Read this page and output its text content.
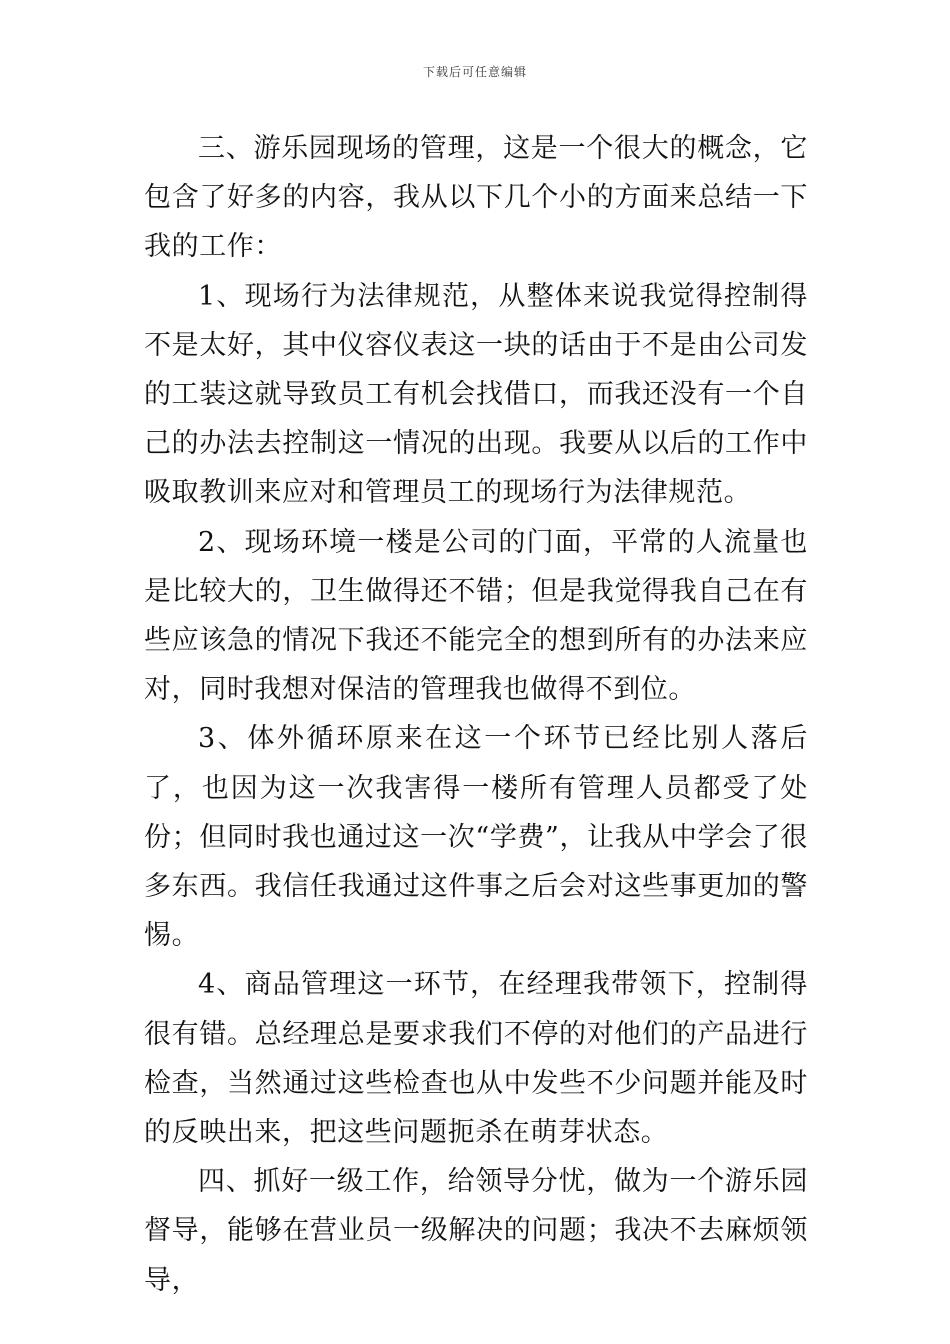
下载后可任意编辑

三、游乐园现场的管理，这是一个很大的概念，它包含了好多的内容，我从以下几个小的方面来总结一下我的工作：

1、现场行为法律规范，从整体来说我觉得控制得不是太好，其中仪容仪表这一块的话由于不是由公司发的工装这就导致员工有机会找借口，而我还没有一个自己的办法去控制这一情况的出现。我要从以后的工作中吸取教训来应对和管理员工的现场行为法律规范。

2、现场环境一楼是公司的门面，平常的人流量也是比较大的，卫生做得还不错；但是我觉得我自己在有些应该急的情况下我还不能完全的想到所有的办法来应对，同时我想对保洁的管理我也做得不到位。

3、体外循环原来在这一个环节已经比别人落后了，也因为这一次我害得一楼所有管理人员都受了处份；但同时我也通过这一次“学费”，让我从中学会了很多东西。我信任我通过这件事之后会对这些事更加的警惕。

4、商品管理这一环节，在经理我带领下，控制得很有错。总经理总是要求我们不停的对他们的产品进行检查，当然通过这些检查也从中发些不少问题并能及时的反映出来，把这些问题扼杀在萌芽状态。

四、抓好一级工作，给领导分忧，做为一个游乐园督导，能够在营业员一级解决的问题；我决不去麻烦领导，
